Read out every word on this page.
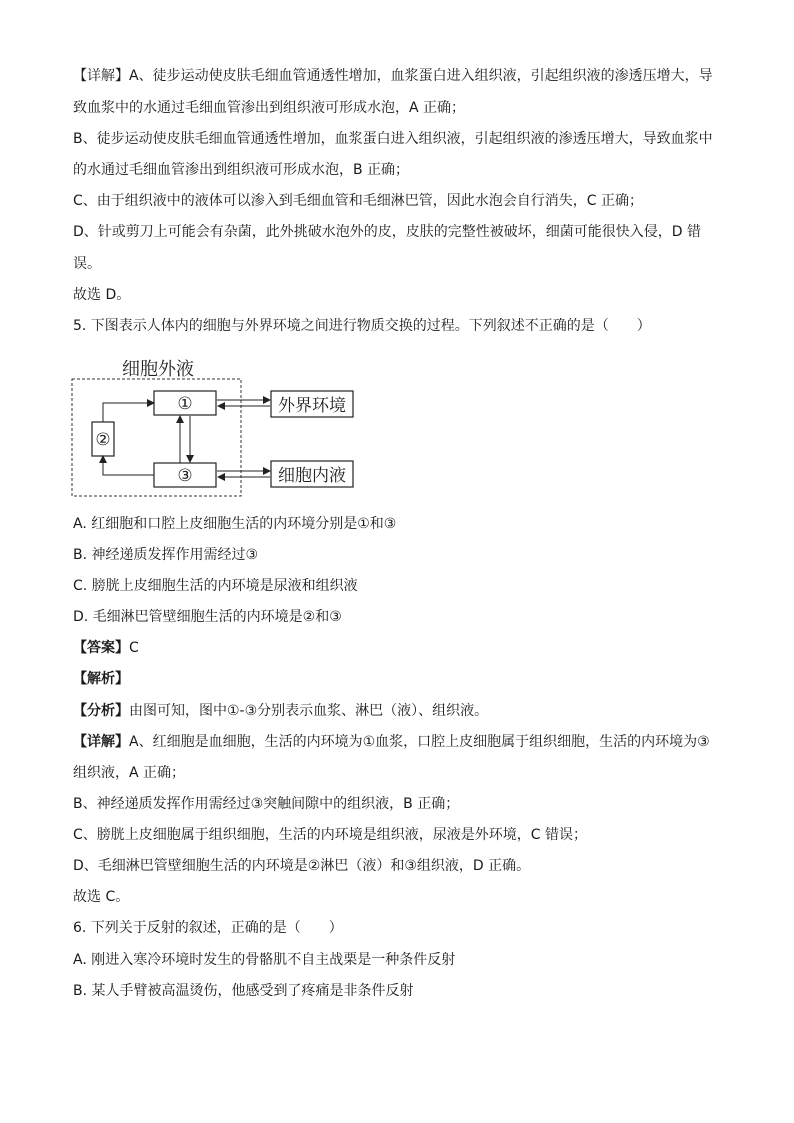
【详解】A、徒步运动使皮肤毛细血管通透性增加，血浆蛋白进入组织液，引起组织液的渗透压增大，导
致血浆中的水通过毛细血管渗出到组织液可形成水泡，A 正确；
B、徒步运动使皮肤毛细血管通透性增加，血浆蛋白进入组织液，引起组织液的渗透压增大，导致血浆中
的水通过毛细血管渗出到组织液可形成水泡，B 正确；
C、由于组织液中的液体可以渗入到毛细血管和毛细淋巴管，因此水泡会自行消失，C 正确；
D、针或剪刀上可能会有杂菌，此外挑破水泡外的皮，皮肤的完整性被破坏，细菌可能很快入侵，D 错
误。
故选 D。
5. 下图表示人体内的细胞与外界环境之间进行物质交换的过程。下列叙述不正确的是（　　）
细胞外液
①
②
③
外界环境
细胞内液
A. 红细胞和口腔上皮细胞生活的内环境分别是①和③
B. 神经递质发挥作用需经过③
C. 膀胱上皮细胞生活的内环境是尿液和组织液
D. 毛细淋巴管壁细胞生活的内环境是②和③
【答案】C
【解析】
【分析】由图可知，图中①-③分别表示血浆、淋巴（液）、组织液。
【详解】A、红细胞是血细胞，生活的内环境为①血浆，口腔上皮细胞属于组织细胞，生活的内环境为③
组织液，A 正确；
B、神经递质发挥作用需经过③突触间隙中的组织液，B 正确；
C、膀胱上皮细胞属于组织细胞，生活的内环境是组织液，尿液是外环境，C 错误；
D、毛细淋巴管壁细胞生活的内环境是②淋巴（液）和③组织液，D 正确。
故选 C。
6. 下列关于反射的叙述，正确的是（　　）
A. 刚进入寒冷环境时发生的骨骼肌不自主战栗是一种条件反射
B. 某人手臂被高温烫伤，他感受到了疼痛是非条件反射
